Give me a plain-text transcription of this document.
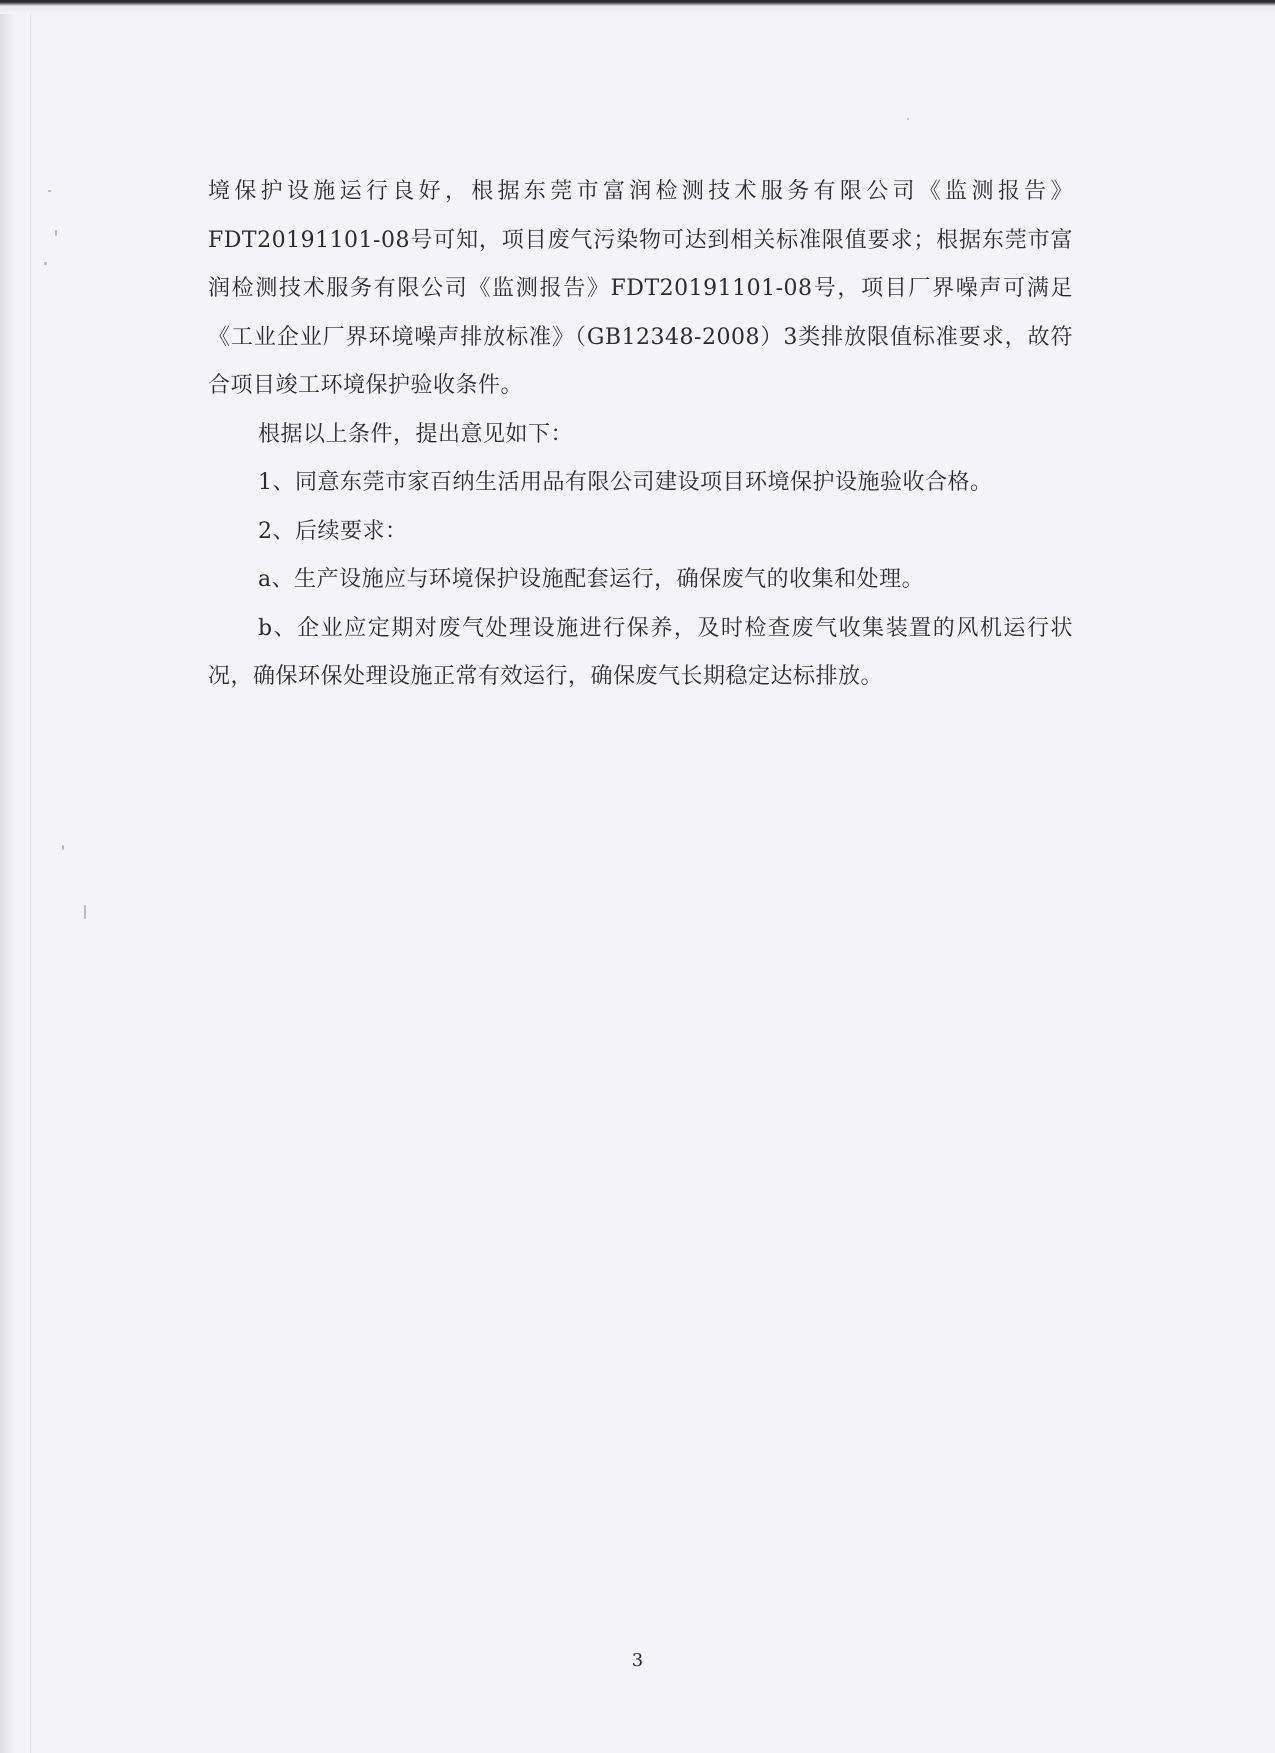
境保护设施运行良好，根据东莞市富润检测技术服务有限公司《监测报告》FDT20191101-08号可知，项目废气污染物可达到相关标准限值要求；根据东莞市富润检测技术服务有限公司《监测报告》FDT20191101-08号，项目厂界噪声可满足《工业企业厂界环境噪声排放标准》（GB12348-2008）3类排放限值标准要求，故符合项目竣工环境保护验收条件。

根据以上条件，提出意见如下：

1、同意东莞市家百纳生活用品有限公司建设项目环境保护设施验收合格。

2、后续要求：

a、生产设施应与环境保护设施配套运行，确保废气的收集和处理。

b、企业应定期对废气处理设施进行保养，及时检查废气收集装置的风机运行状况，确保环保处理设施正常有效运行，确保废气长期稳定达标排放。

3
